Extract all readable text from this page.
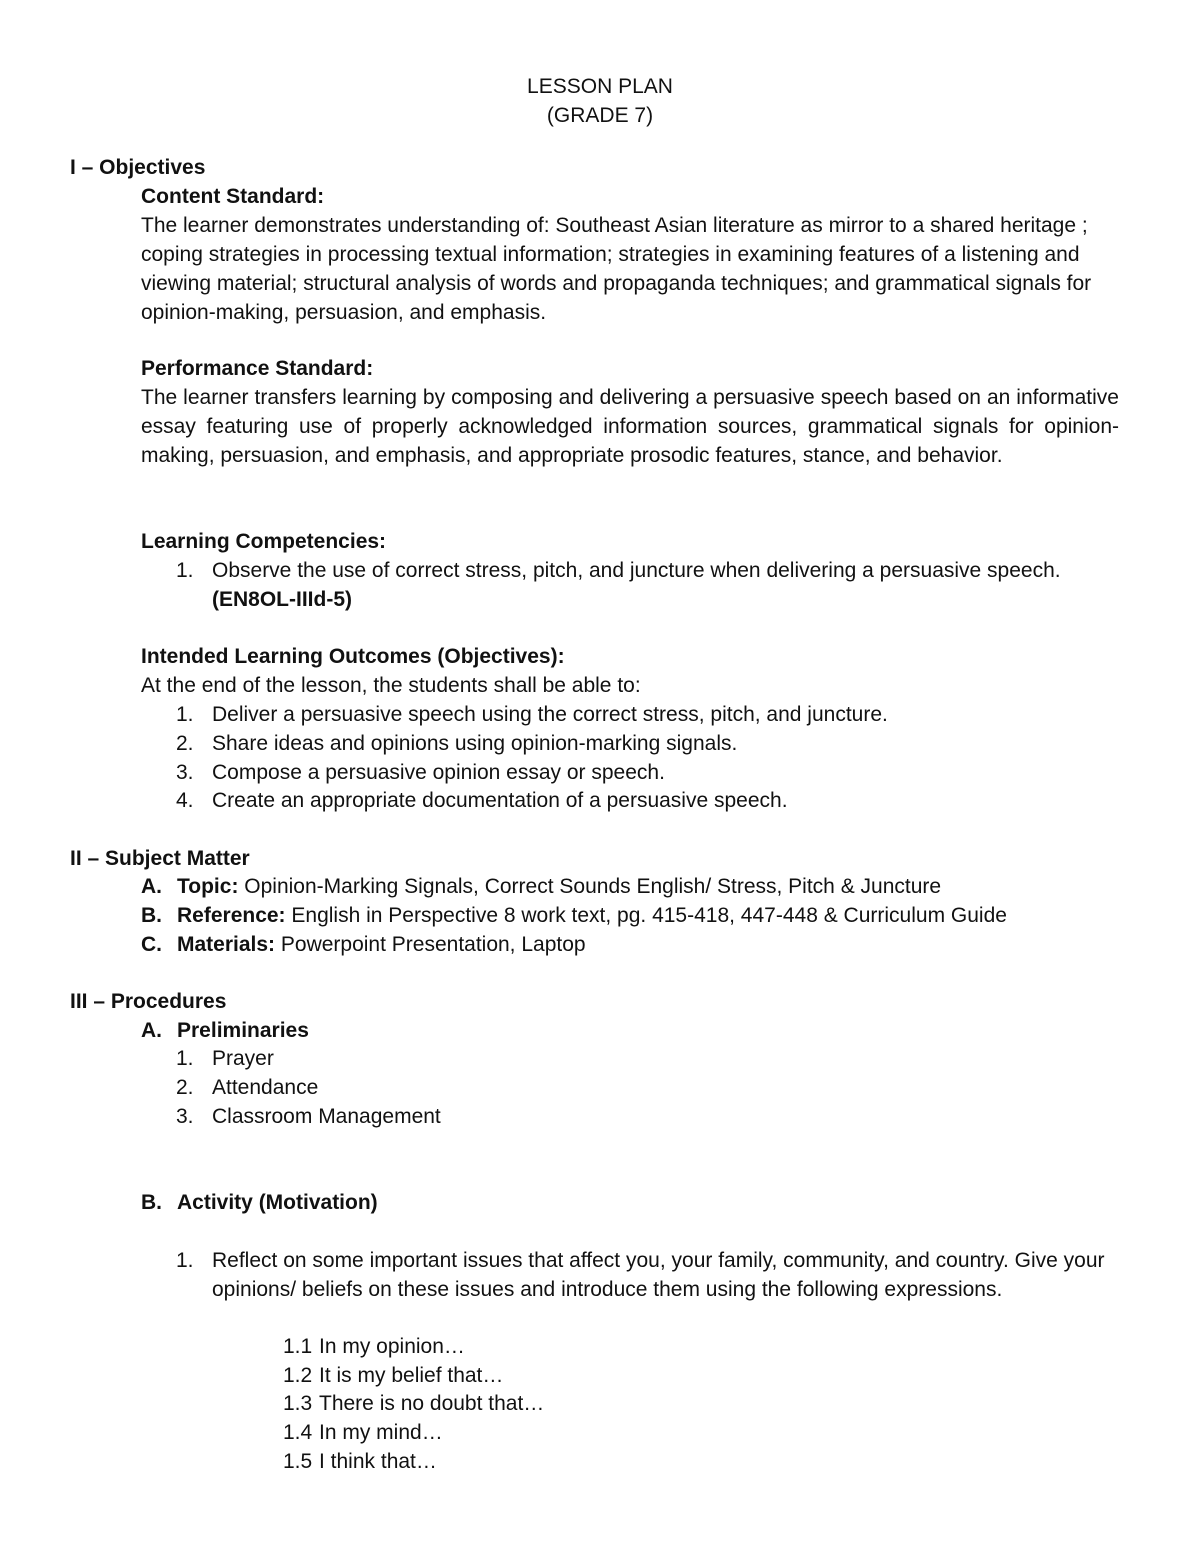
LESSON PLAN
(GRADE 7)
I – Objectives
Content Standard:
The learner demonstrates understanding of: Southeast Asian literature as mirror to a shared heritage ; coping strategies in processing textual information; strategies in examining features of a listening and viewing material; structural analysis of words and propaganda techniques; and grammatical signals for opinion-making, persuasion, and emphasis.
Performance Standard:
The learner transfers learning by composing and delivering a persuasive speech based on an informative essay featuring use of properly acknowledged information sources, grammatical signals for opinion-making, persuasion, and emphasis, and appropriate prosodic features, stance, and behavior.
Learning Competencies:
1. Observe the use of correct stress, pitch, and juncture when delivering a persuasive speech. (EN8OL-IIId-5)
Intended Learning Outcomes (Objectives):
At the end of the lesson, the students shall be able to:
1. Deliver a persuasive speech using the correct stress, pitch, and juncture.
2. Share ideas and opinions using opinion-marking signals.
3. Compose a persuasive opinion essay or speech.
4. Create an appropriate documentation of a persuasive speech.
II – Subject Matter
A. Topic: Opinion-Marking Signals, Correct Sounds English/ Stress, Pitch & Juncture
B. Reference: English in Perspective 8 work text, pg. 415-418, 447-448 & Curriculum Guide
C. Materials: Powerpoint Presentation, Laptop
III – Procedures
A. Preliminaries
1. Prayer
2. Attendance
3. Classroom Management
B. Activity (Motivation)
1. Reflect on some important issues that affect you, your family, community, and country. Give your opinions/ beliefs on these issues and introduce them using the following expressions.
1.1 In my opinion…
1.2 It is my belief that…
1.3 There is no doubt that…
1.4 In my mind…
1.5 I think that…
